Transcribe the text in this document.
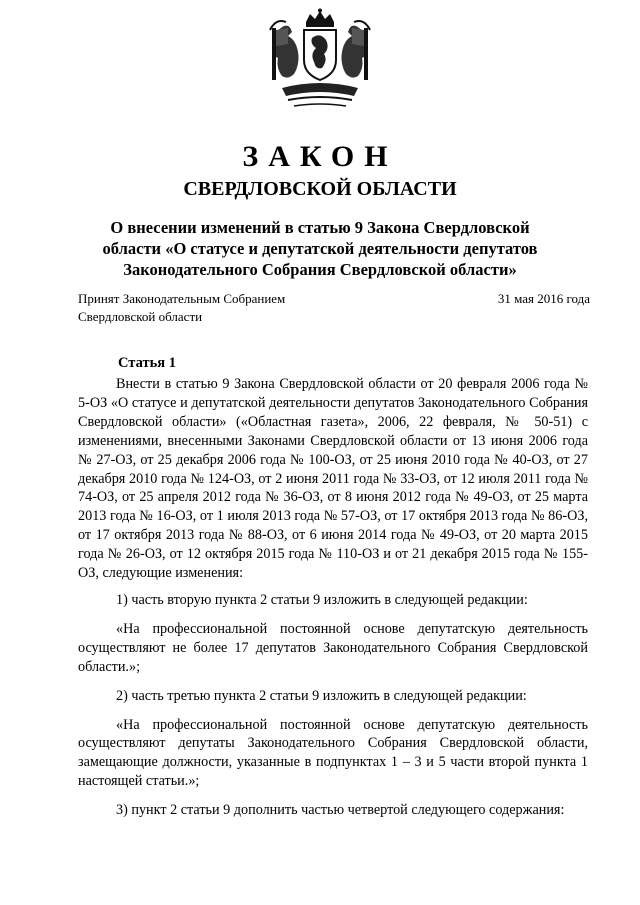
ЗАКОН
СВЕРДЛОВСКОЙ ОБЛАСТИ
О внесении изменений в статью 9 Закона Свердловской области «О статусе и депутатской деятельности депутатов Законодательного Собрания Свердловской области»
Принят Законодательным Собранием
Свердловской области
31 мая 2016 года
Статья 1

Внести в статью 9 Закона Свердловской области от 20 февраля 2006 года № 5-ОЗ «О статусе и депутатской деятельности депутатов Законодательного Собрания Свердловской области» («Областная газета», 2006, 22 февраля, № 50-51) с изменениями, внесенными Законами Свердловской области от 13 июня 2006 года № 27-ОЗ, от 25 декабря 2006 года № 100-ОЗ, от 25 июня 2010 года № 40-ОЗ, от 27 декабря 2010 года № 124-ОЗ, от 2 июня 2011 года № 33-ОЗ, от 12 июля 2011 года № 74-ОЗ, от 25 апреля 2012 года № 36-ОЗ, от 8 июня 2012 года № 49-ОЗ, от 25 марта 2013 года № 16-ОЗ, от 1 июля 2013 года № 57-ОЗ, от 17 октября 2013 года № 86-ОЗ, от 17 октября 2013 года № 88-ОЗ, от 6 июня 2014 года № 49-ОЗ, от 20 марта 2015 года № 26-ОЗ, от 12 октября 2015 года № 110-ОЗ и от 21 декабря 2015 года № 155-ОЗ, следующие изменения:

1) часть вторую пункта 2 статьи 9 изложить в следующей редакции:

«На профессиональной постоянной основе депутатскую деятельность осуществляют не более 17 депутатов Законодательного Собрания Свердловской области.»;

2) часть третью пункта 2 статьи 9 изложить в следующей редакции:

«На профессиональной постоянной основе депутатскую деятельность осуществляют депутаты Законодательного Собрания Свердловской области, замещающие должности, указанные в подпунктах 1 – 3 и 5 части второй пункта 1 настоящей статьи.»;

3) пункт 2 статьи 9 дополнить частью четвертой следующего содержания:
